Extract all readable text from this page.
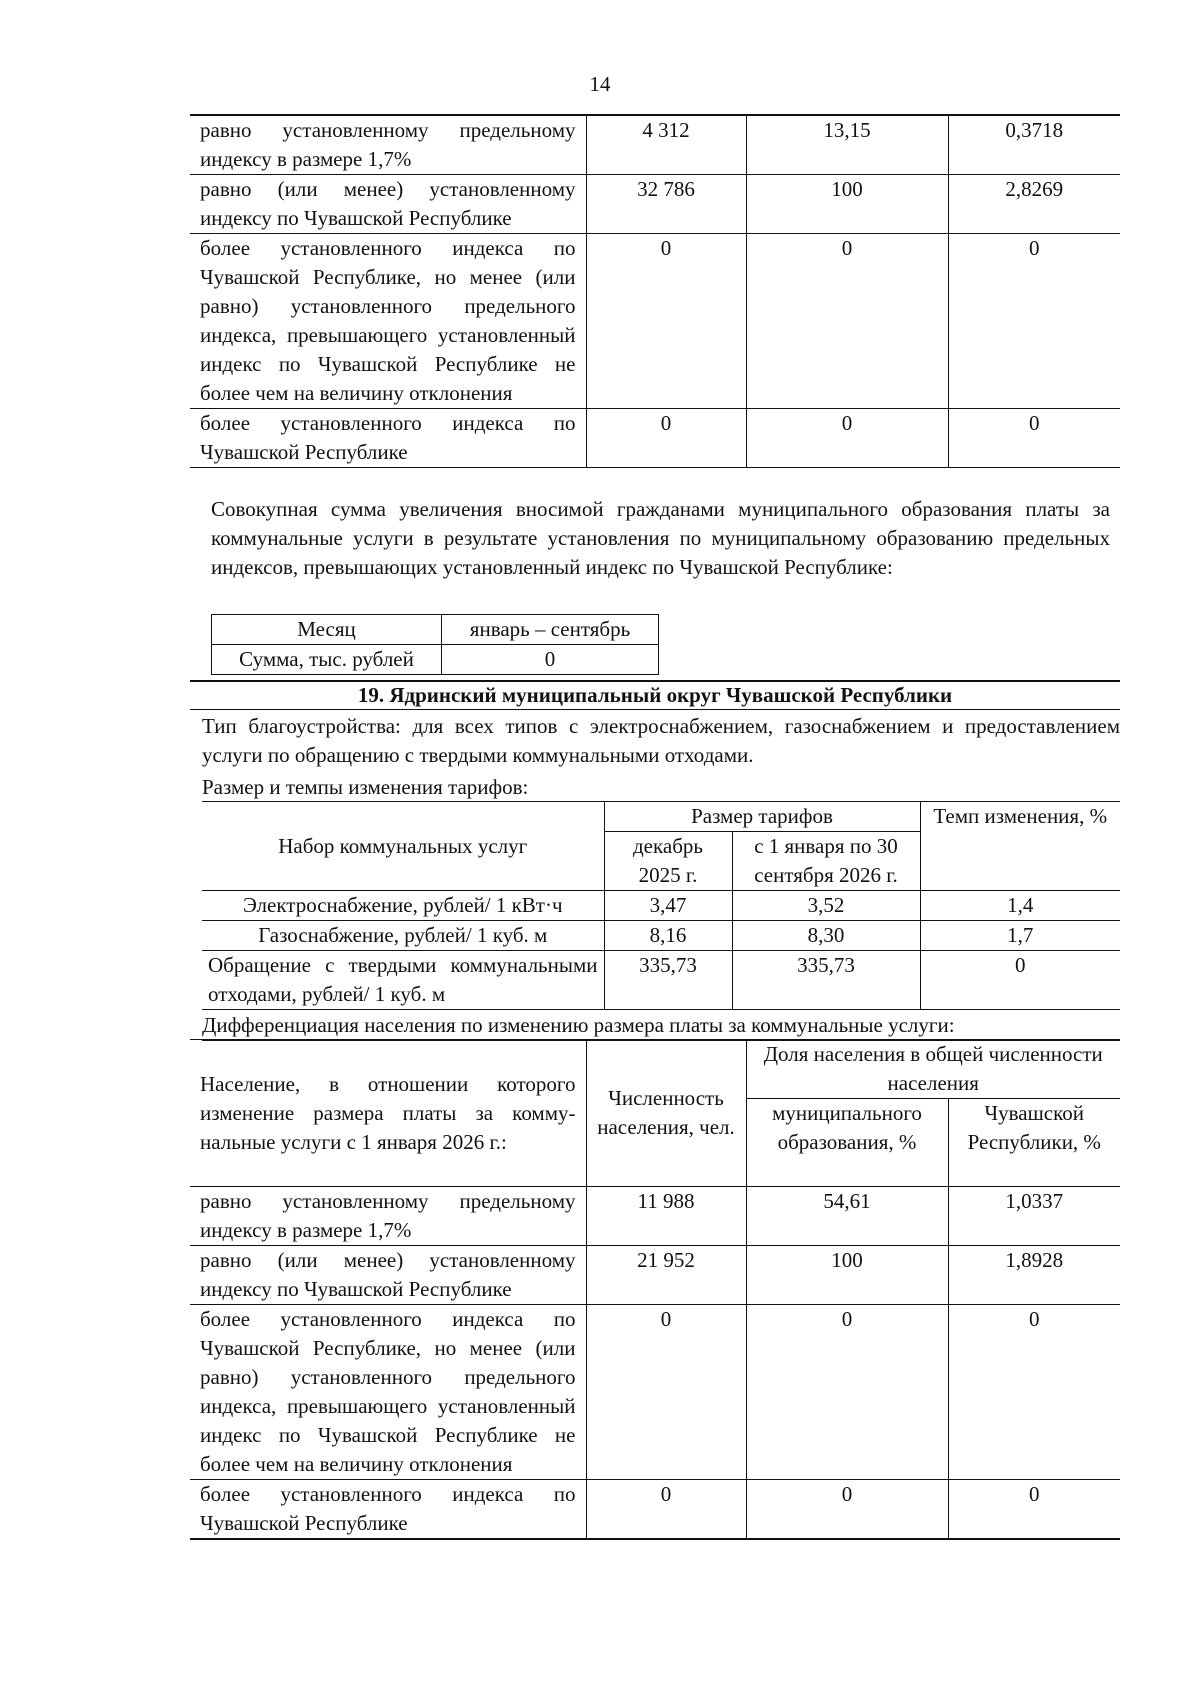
14
равно установленному предельному индексу в размере 1,7%	4 312	13,15	0,3718
равно (или менее) установленному индексу по Чувашской Республике	32 786	100	2,8269
более установленного индекса по Чувашской Республике, но менее (или равно) установленного предельного индекса, превышающего установленный индекс по Чувашской Республике не более чем на величину отклонения	0	0	0
более установленного индекса по Чувашской Республике	0	0	0
Совокупная сумма увеличения вносимой гражданами муниципального образования платы за коммунальные услуги в результате установления по муниципальному образованию предельных индексов, превышающих установленный индекс по Чувашской Республике:
Месяц	январь – сентябрь
Сумма, тыс. рублей	0
19. Ядринский муниципальный округ Чувашской Республики
Тип благоустройства: для всех типов с электроснабжением, газоснабжением и предоставлением услуги по обращению с твердыми коммунальными отходами.
Размер и темпы изменения тарифов:
Набор коммунальных услуг	Размер тарифов		Темп изменения, %
	декабрь 2025 г.	с 1 января по 30 сентября 2026 г.	
Электроснабжение, рублей/ 1 кВт·ч	3,47	3,52	1,4
Газоснабжение, рублей/ 1 куб. м	8,16	8,30	1,7
Обращение с твердыми коммунальными отходами, рублей/ 1 куб. м	335,73	335,73	0
Дифференциация населения по изменению размера платы за коммунальные услуги:
Население, в отношении которого изменение размера платы за коммунальные услуги с 1 января 2026 г.:	Численность населения, чел.	Доля населения в общей численности населения	
		муниципального образования, %	Чувашской Республики, %
равно установленному предельному индексу в размере 1,7%	11 988	54,61	1,0337
равно (или менее) установленному индексу по Чувашской Республике	21 952	100	1,8928
более установленного индекса по Чувашской Республике, но менее (или равно) установленного предельного индекса, превышающего установленный индекс по Чувашской Республике не более чем на величину отклонения	0	0	0
более установленного индекса по Чувашской Республике	0	0	0
